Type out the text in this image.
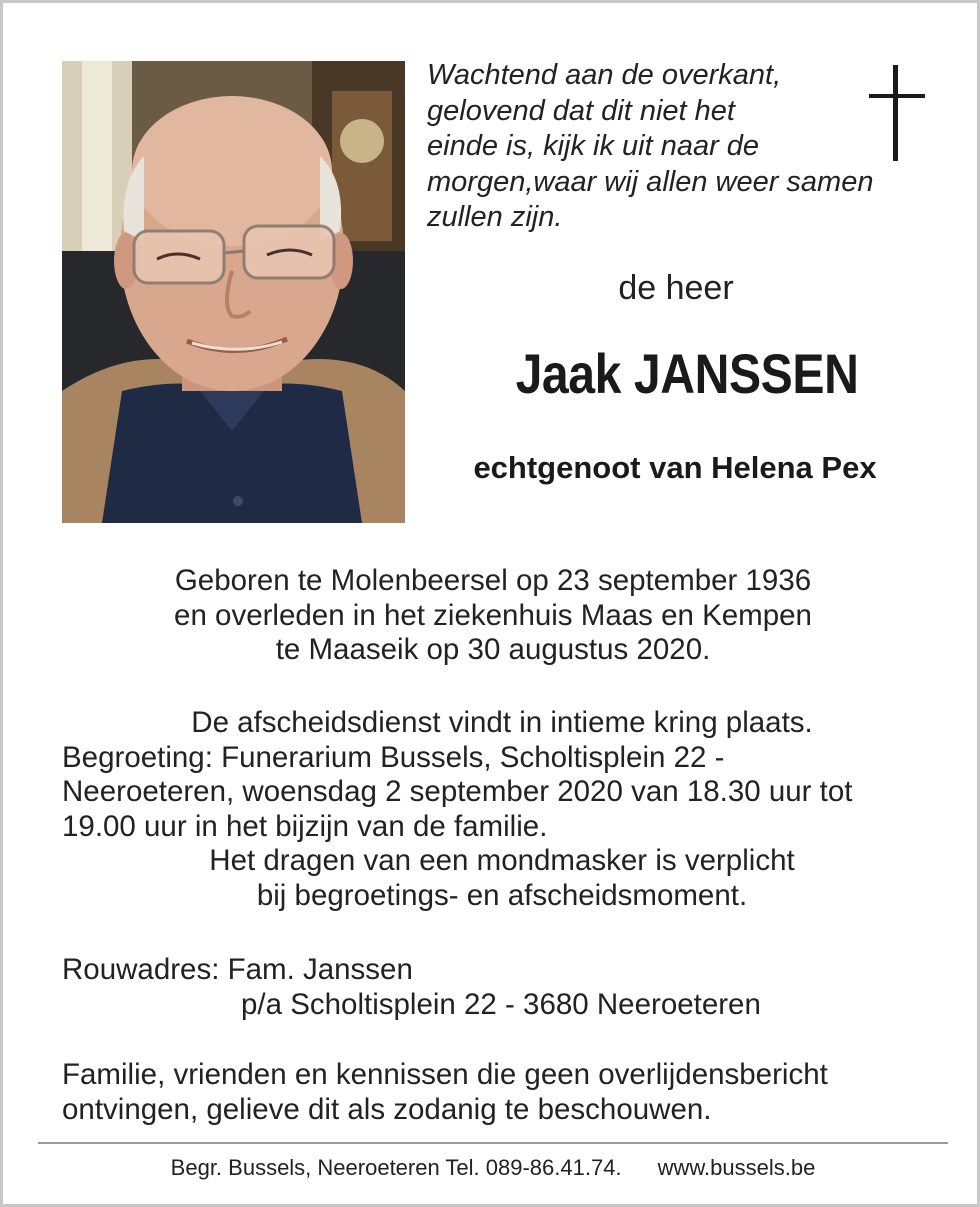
Wachtend aan de overkant,
gelovend dat dit niet het
einde is, kijk ik uit naar de
morgen,waar wij allen weer samen
zullen zijn.
de heer
Jaak JANSSEN
echtgenoot van Helena Pex
Geboren te Molenbeersel op 23 september 1936
en overleden in het ziekenhuis Maas en Kempen
te Maaseik op 30 augustus 2020.
De afscheidsdienst vindt in intieme kring plaats.
Begroeting: Funerarium Bussels, Scholtisplein 22 -
Neeroeteren, woensdag 2 september 2020 van 18.30 uur tot
19.00 uur in het bijzijn van de familie.
Het dragen van een mondmasker is verplicht
bij begroetings- en afscheidsmoment.
Rouwadres: Fam. Janssen
p/a Scholtisplein 22 - 3680 Neeroeteren
Familie, vrienden en kennissen die geen overlijdensbericht
ontvingen, gelieve dit als zodanig te beschouwen.
Begr. Bussels, Neeroeteren Tel. 089-86.41.74. www.bussels.be
